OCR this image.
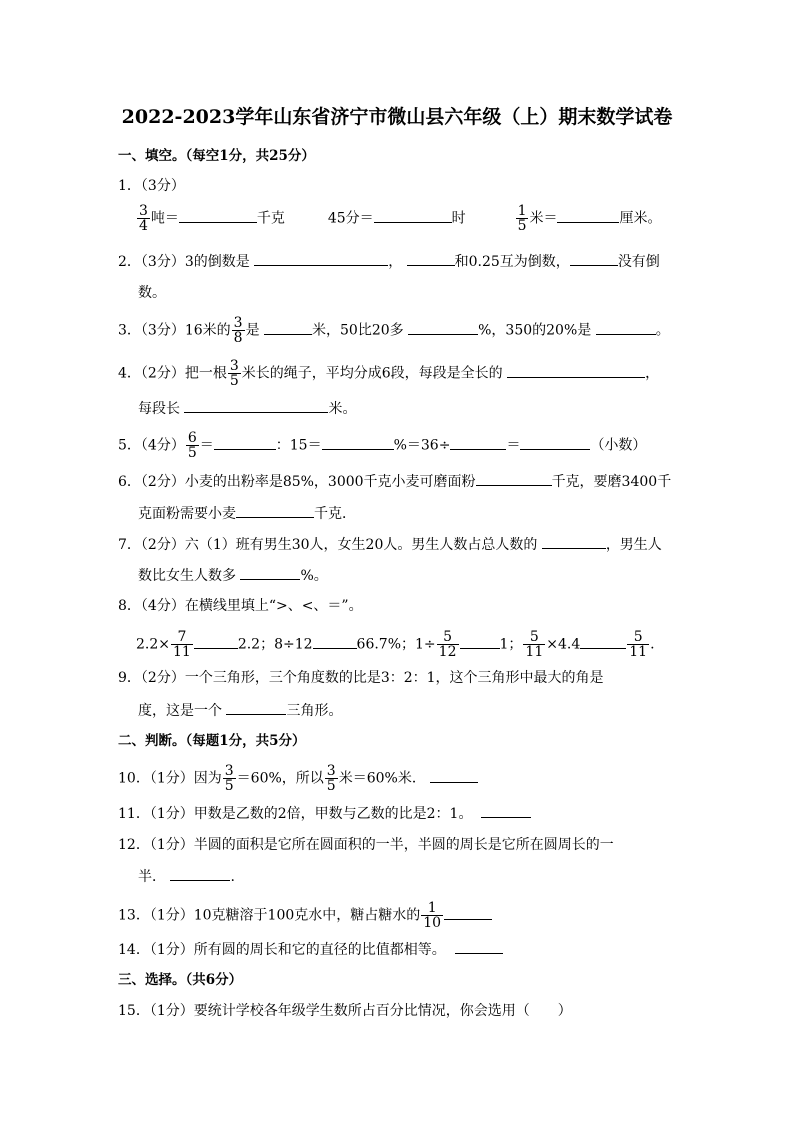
2022-2023学年山东省济宁市微山县六年级（上）期末数学试卷
一、填空。（每空1分，共25分）
1．（3分）
$\frac{3}{4}$ 吨＝	千克	45分＝	时	$\frac{1}{5}$ 米＝	厘米。
2．（3分）3的倒数是	，	和0.25互为倒数，	没有倒
数。
3．（3分）16米的 $\frac{3}{8}$ 是	米，50比20多	%，350的20%是	。
4．（2分）把一根 $\frac{3}{5}$ 米长的绳子，平均分成6段，每段是全长的	，
每段长	米。
5．（4分） $\frac{6}{5}$ ＝	：15＝	%＝36÷	＝	（小数）
6．（2分）小麦的出粉率是85%，3000千克小麦可磨面粉	千克，要磨3400千
克面粉需要小麦	千克．
7．（2分）六（1）班有男生30人，女生20人。男生人数占总人数的	，男生人
数比女生人数多	%。
8．（4分）在横线里填上“>、<、＝”。
$2.2\times \frac{7}{11}$	2.2；8÷12	66.7%；$1\div \frac{5}{12}$	1； $\frac{5}{11} \times 4.4$	$\frac{5}{11}$ .
9．（2分）一个三角形，三个角度数的比是3：2：1，这个三角形中最大的角是
度，这是一个	三角形。
二、判断。（每题1分，共5分）
10．（1分）因为 $\frac{3}{5} =60\%$，所以 $\frac{3}{5}$ 米＝60%米．
11．（1分）甲数是乙数的2倍，甲数与乙数的比是2：1。
12．（1分）半圆的面积是它所在圆面积的一半，半圆的周长是它所在圆周长的一
半．	.
13．（1分）10克糖溶于100克水中，糖占糖水的 $\frac{1}{10}$
14．（1分）所有圆的周长和它的直径的比值都相等。
三、选择。（共6分）
15．（1分）要统计学校各年级学生数所占百分比情况，你会选用（　　）
